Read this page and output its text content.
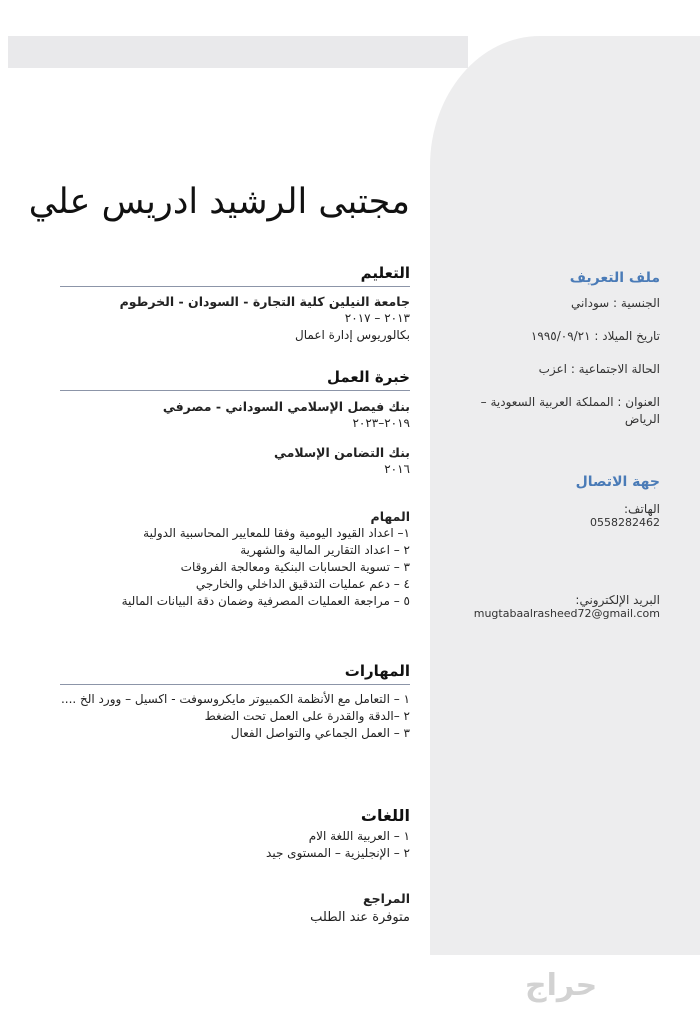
مجتبى الرشيد ادريس علي
التعليم
جامعة النيلين كلية التجارة - السودان - الخرطوم
٢٠١٣ – ٢٠١٧
بكالوريوس إدارة اعمال
خبرة العمل
بنك فيصل الإسلامي السوداني - مصرفي
٢٠١٩–٢٠٢٣
بنك التضامن الإسلامي
٢٠١٦
المهام
١– اعداد القيود اليومية وفقا للمعايير المحاسبية الدولية
٢ – اعداد التقارير المالية والشهرية
٣ – تسوية الحسابات البنكية ومعالجة الفروقات
٤ – دعم عمليات التدقيق الداخلي والخارجي
٥ – مراجعة العمليات المصرفية وضمان دقة البيانات المالية
المهارات
١ – التعامل مع الأنظمة الكمبيوتر مايكروسوفت - اكسيل – وورد الخ ....
٢ –الدقة والقدرة على العمل تحت الضغط
٣ – العمل الجماعي والتواصل الفعال
اللغات
١ – العربية اللغة الام
٢ – الإنجليزية – المستوى جيد
المراجع
متوفرة عند الطلب
ملف التعريف
الجنسية : سوداني
تاريخ الميلاد : ١٩٩٥/٠٩/٢١
الحالة الاجتماعية : اعزب
العنوان : المملكة العربية السعودية – الرياض
جهة الاتصال
الهاتف:
0558282462
البريد الإلكتروني:
mugtabaalrasheed72@gmail.com
حراج
